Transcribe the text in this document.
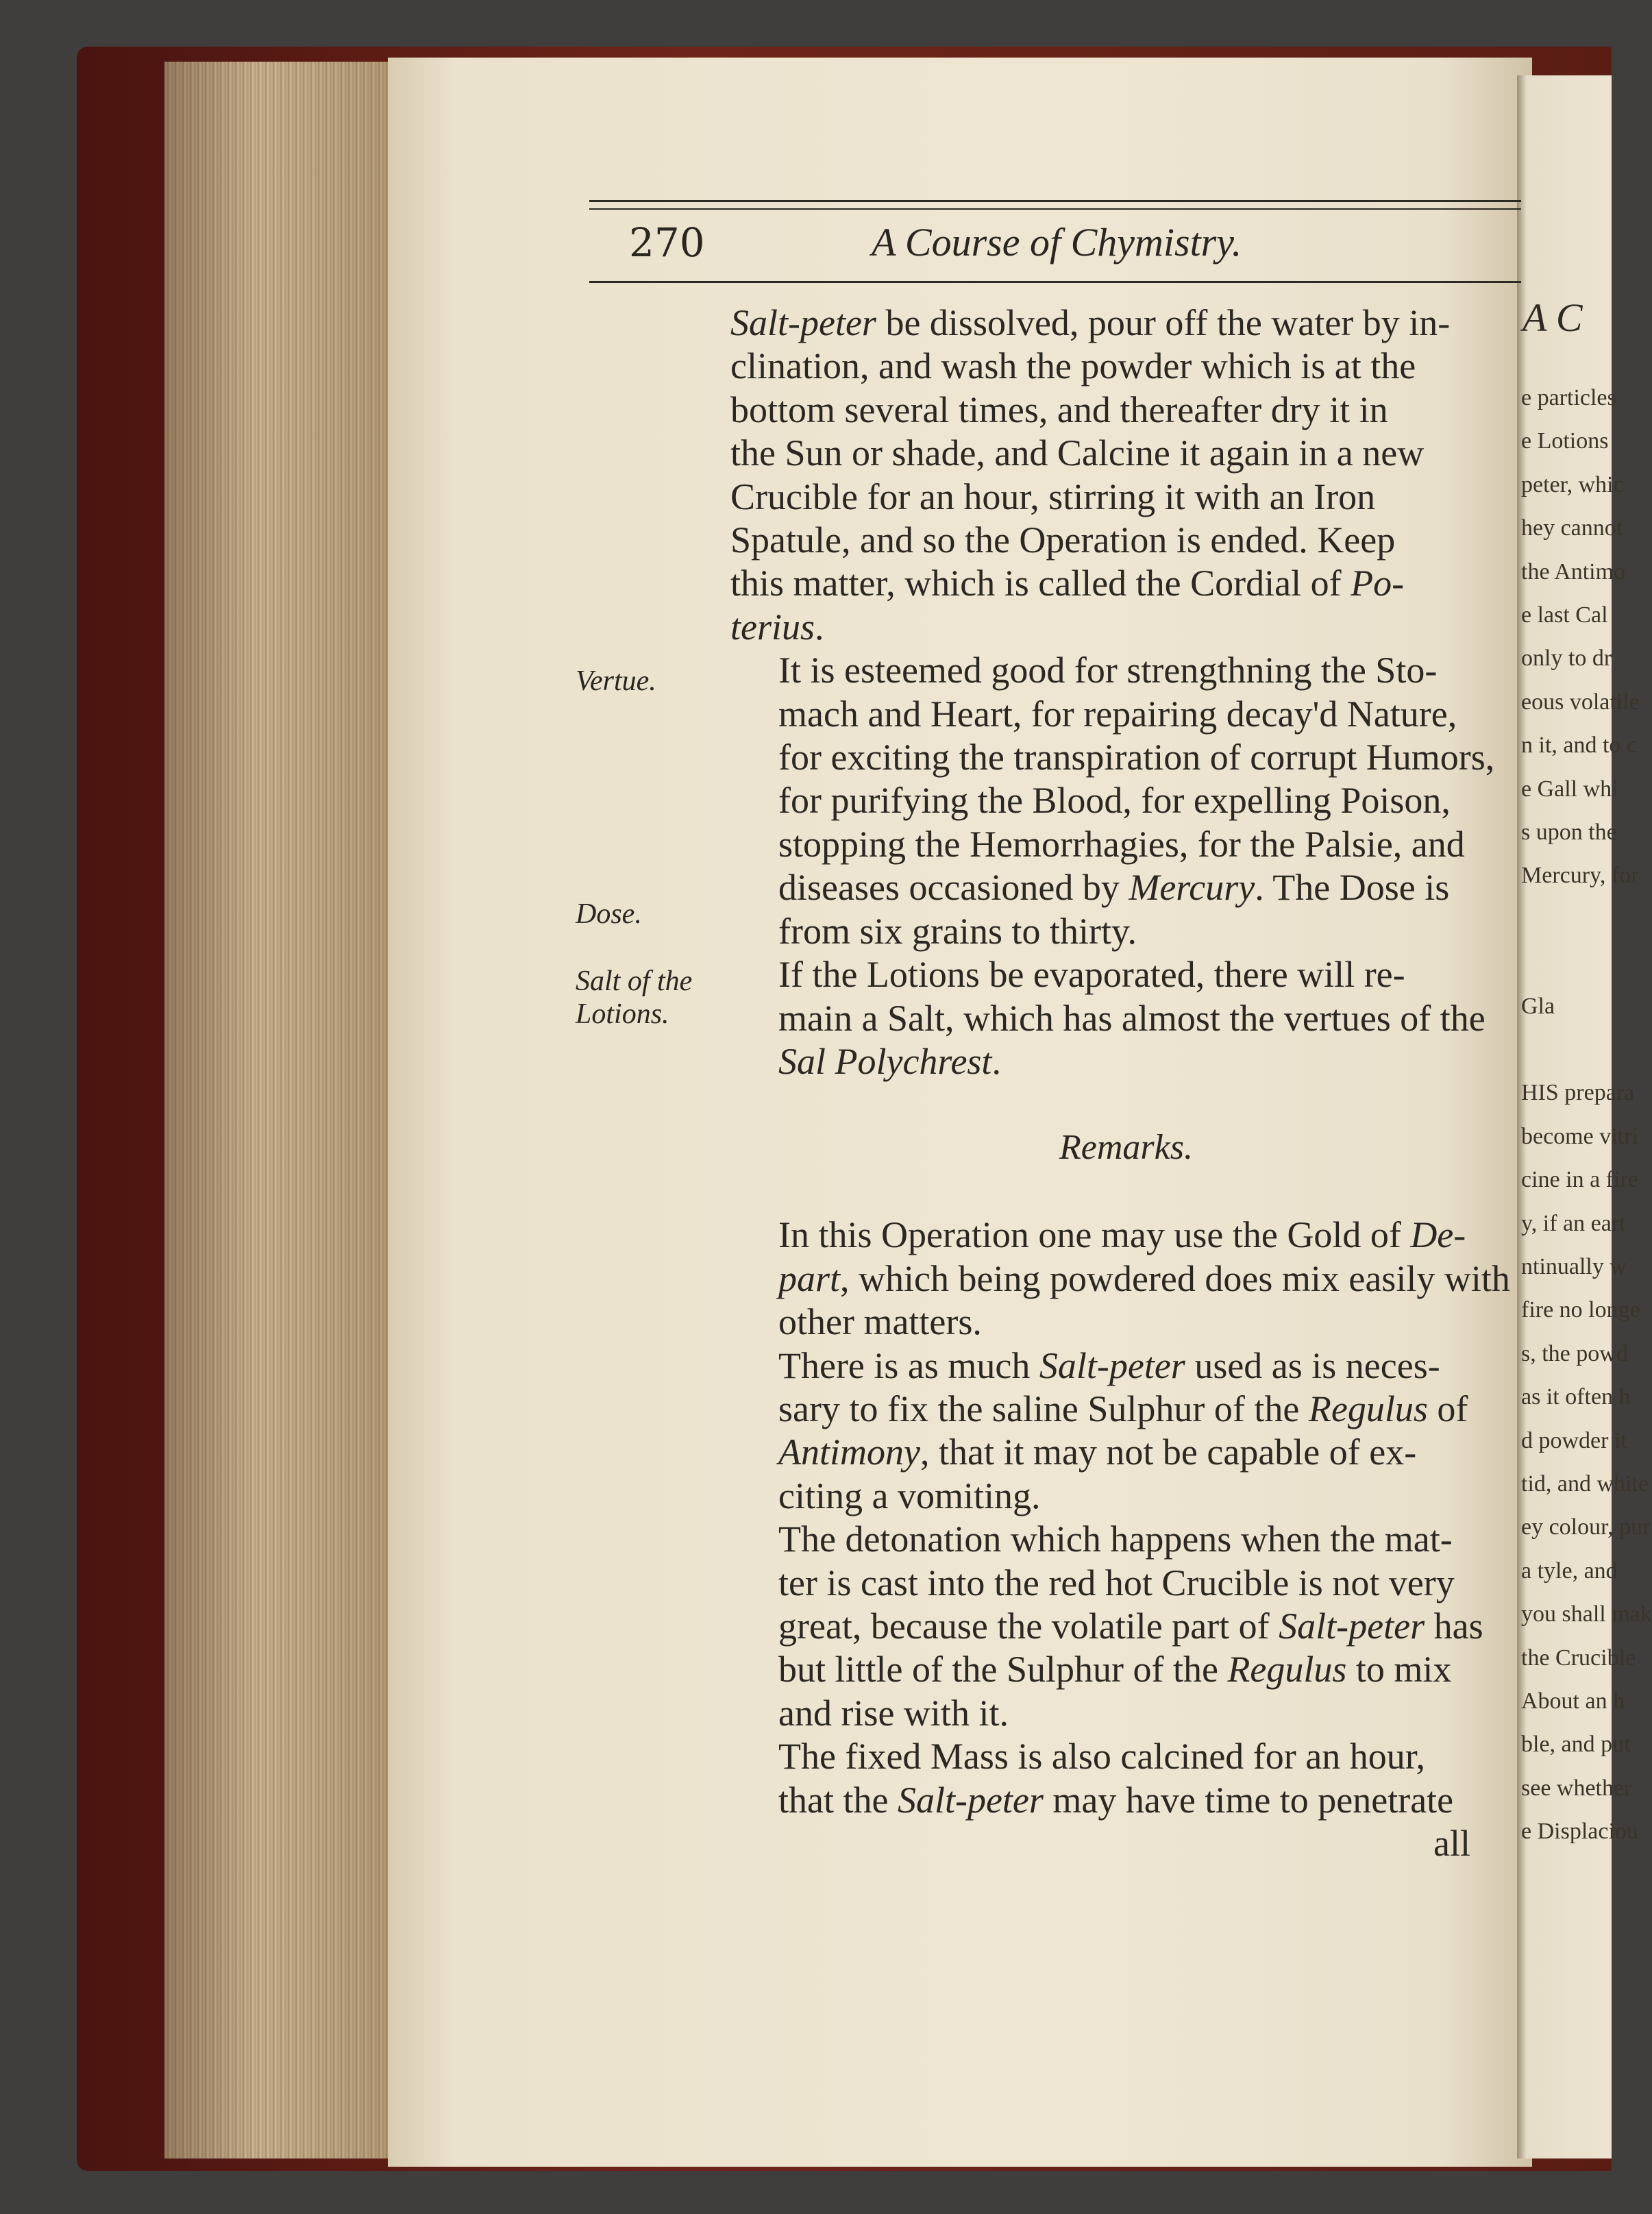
A C
e particles
e Lotions
peter, whic
hey cannot
the Antimo
e last Cal
only to dr
eous volatile
n it, and to c
e Gall whi
s upon the
Mercury, for
Gla
HIS prepara
become vitri
cine in a fire
y, if an eart
ntinually w
fire no longe
s, the powd
as it often h
d powder it
tid, and white
ey colour, pur
a tyle, and
you shall mak
the Crucible
About an h
ble, and put
see whether
e Displaciou
270	A Course of Chymistry.
Vertue.
Dose.
Salt of the
Lotions.

Salt-peter be dissolved, pour off the water by in-
clination, and wash the powder which is at the
bottom several times, and thereafter dry it in
the Sun or shade, and Calcine it again in a new
Crucible for an hour, stirring it with an Iron
Spatule, and so the Operation is ended. Keep
this matter, which is called the Cordial of Po-
terius.

It is esteemed good for strengthning the Sto-
mach and Heart, for repairing decay'd Nature,
for exciting the transpiration of corrupt Humors,
for purifying the Blood, for expelling Poison,
stopping the Hemorrhagies, for the Palsie, and
diseases occasioned by Mercury. The Dose is
from six grains to thirty.

If the Lotions be evaporated, there will re-
main a Salt, which has almost the vertues of the
Sal Polychrest.

In this Operation one may use the Gold of De-
part, which being powdered does mix easily with
other matters.

There is as much Salt-peter used as is neces-
sary to fix the saline Sulphur of the Regulus of
Antimony, that it may not be capable of ex-
citing a vomiting.

The detonation which happens when the mat-
ter is cast into the red hot Crucible is not very
great, because the volatile part of Salt-peter has
but little of the Sulphur of the Regulus to mix
and rise with it.

The fixed Mass is also calcined for an hour,
that the Salt-peter may have time to penetrate

all
Remarks.
